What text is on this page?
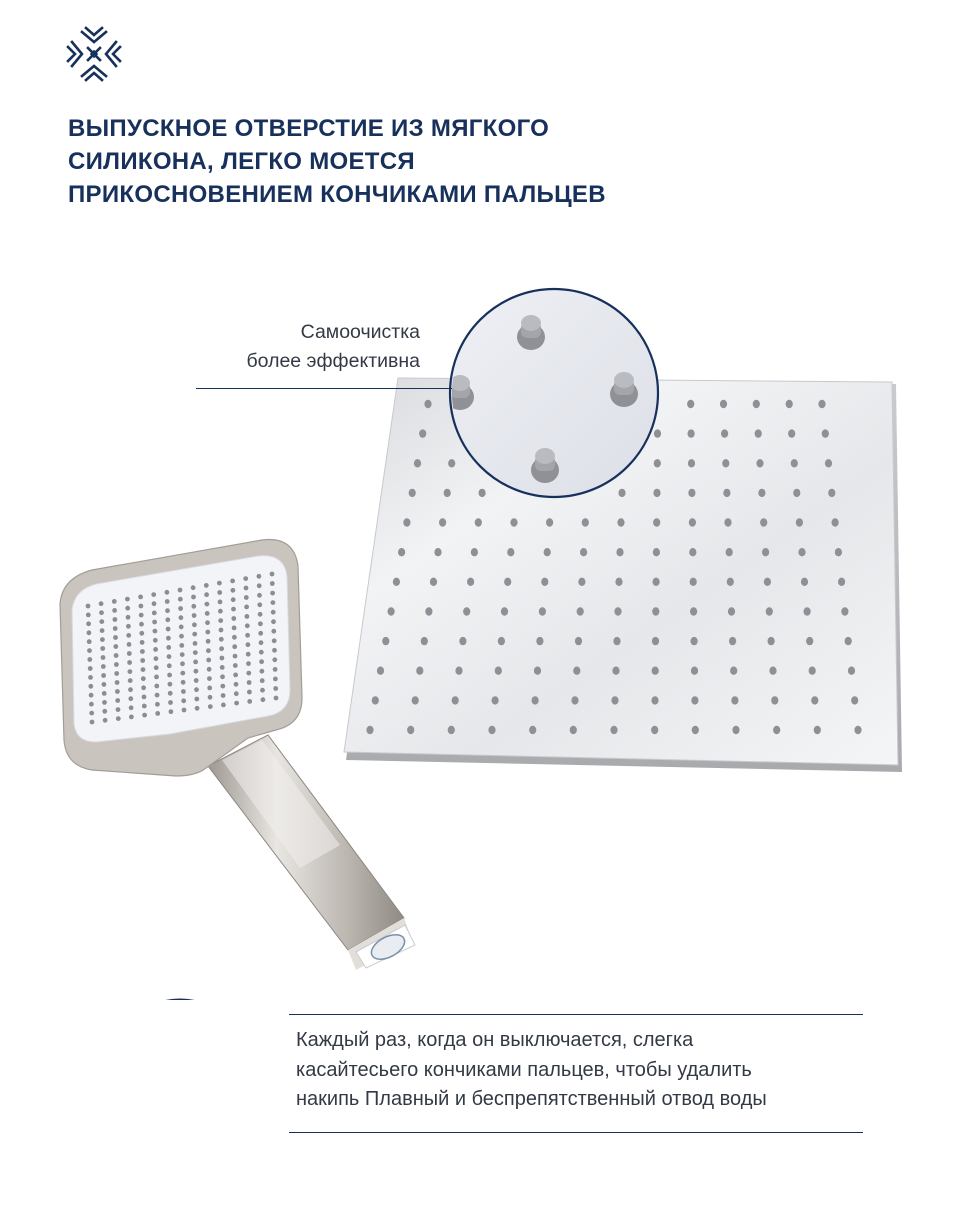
ВЫПУСКНОЕ ОТВЕРСТИЕ ИЗ МЯГКОГО
СИЛИКОНА, ЛЕГКО МОЕТСЯ
ПРИКОСНОВЕНИЕМ КОНЧИКАМИ ПАЛЬЦЕВ
Самоочистка
более эффективна
Каждый раз, когда он выключается, слегка
касайтесьего кончиками пальцев, чтобы удалить
накипь Плавный и беспрепятственный отвод воды
